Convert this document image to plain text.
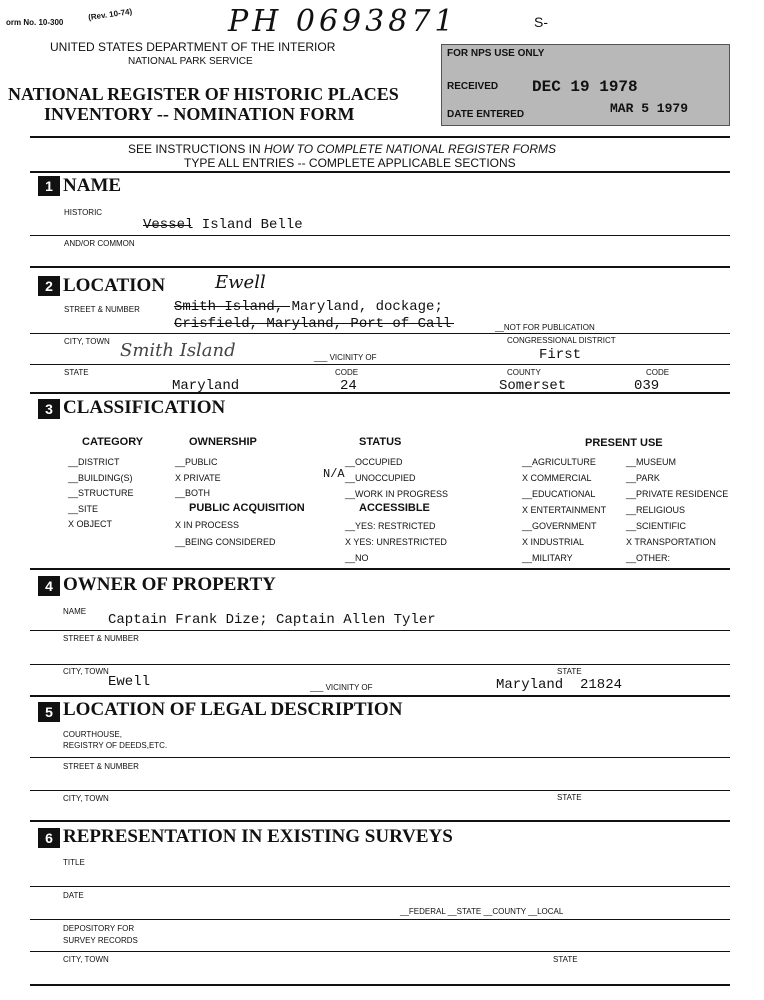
orm No. 10-300
(Rev. 10-74)	PH 0693871	S-
UNITED STATES DEPARTMENT OF THE INTERIOR
NATIONAL PARK SERVICE
NATIONAL REGISTER OF HISTORIC PLACES
INVENTORY -- NOMINATION FORM
FOR NPS USE ONLY
RECEIVED DEC 19 1978
DATE ENTERED	MAR 5 1979
SEE INSTRUCTIONS IN HOW TO COMPLETE NATIONAL REGISTER FORMS
TYPE ALL ENTRIES -- COMPLETE APPLICABLE SECTIONS
1 NAME
HISTORIC
Vessel Island Belle
AND/OR COMMON
2 LOCATION	Ewell
STREET & NUMBER Smith Island, Maryland, dockage;
Crisfield, Maryland, Port of Call	__NOT FOR PUBLICATION
CITY, TOWN Smith Island	___ VICINITY OF
CONGRESSIONAL DISTRICT
First
STATE
Maryland
CODE
24
COUNTY
Somerset
CODE
039
3 CLASSIFICATION
CATEGORY
__DISTRICT
__BUILDING(S)
__STRUCTURE
__SITE
X OBJECT
OWNERSHIP
__PUBLIC
X PRIVATE
__BOTH
PUBLIC ACQUISITION
X IN PROCESS
__BEING CONSIDERED
STATUS
__OCCUPIED
N/A __UNOCCUPIED
__WORK IN PROGRESS
ACCESSIBLE
__YES: RESTRICTED
X YES: UNRESTRICTED
__NO
PRESENT USE
__AGRICULTURE
X COMMERCIAL
__EDUCATIONAL
X ENTERTAINMENT
__GOVERNMENT
X INDUSTRIAL
__MILITARY
__MUSEUM
__PARK
__PRIVATE RESIDENCE
__RELIGIOUS
__SCIENTIFIC
X TRANSPORTATION
__OTHER:
4 OWNER OF PROPERTY
NAME
Captain Frank Dize; Captain Allen Tyler
STREET & NUMBER
CITY, TOWN
Ewell	___ VICINITY OF
STATE
Maryland 21824
5 LOCATION OF LEGAL DESCRIPTION
COURTHOUSE,
REGISTRY OF DEEDS,ETC.
STREET & NUMBER
CITY, TOWN	STATE
6 REPRESENTATION IN EXISTING SURVEYS
TITLE
DATE
__FEDERAL __STATE __COUNTY __LOCAL
DEPOSITORY FOR
SURVEY RECORDS
CITY, TOWN	STATE
